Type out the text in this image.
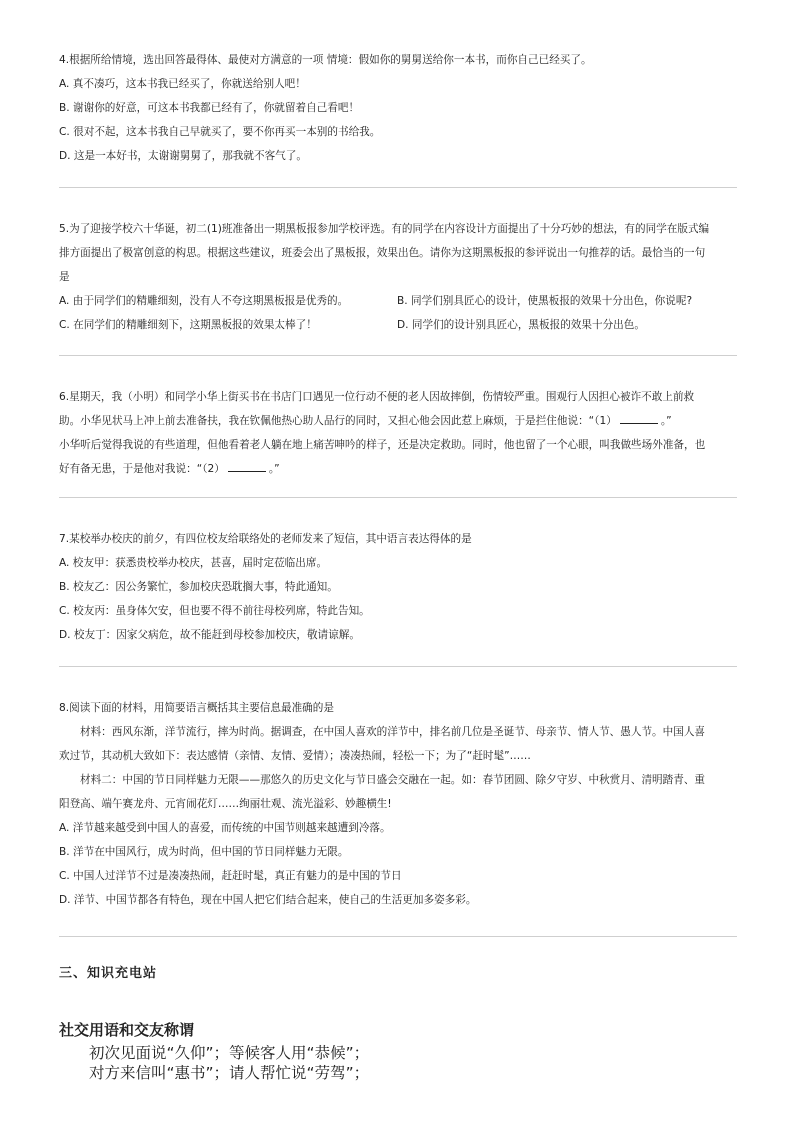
4.根据所给情境，选出回答最得体、最使对方满意的一项 情境：假如你的舅舅送给你一本书，而你自己已经买了。

A. 真不凑巧，这本书我已经买了，你就送给别人吧！

B. 谢谢你的好意，可这本书我都已经有了，你就留着自己看吧！

C. 很对不起，这本书我自己早就买了，要不你再买一本别的书给我。

D. 这是一本好书，太谢谢舅舅了，那我就不客气了。

5.为了迎接学校六十华诞，初二(1)班准备出一期黑板报参加学校评选。有的同学在内容设计方面提出了十分巧妙的想法，有的同学在版式编

排方面提出了极富创意的构思。根据这些建议，班委会出了黑板报，效果出色。请你为这期黑板报的参评说出一句推荐的话。最恰当的一句

是

A. 由于同学们的精雕细刻，没有人不夸这期黑板报是优秀的。	B. 同学们别具匠心的设计，使黑板报的效果十分出色，你说呢?
C. 在同学们的精雕细刻下，这期黑板报的效果太棒了！	D. 同学们的设计别具匠心，黑板报的效果十分出色。

6.星期天，我（小明）和同学小华上街买书在书店门口遇见一位行动不便的老人因故摔倒，伤情较严重。围观行人因担心被诈不敢上前救

助。小华见状马上冲上前去准备扶，我在钦佩他热心助人品行的同时，又担心他会因此惹上麻烦，于是拦住他说：“（1）	。”

小华听后觉得我说的有些道理，但他看着老人躺在地上痛苦呻吟的样子，还是决定救助。同时，他也留了一个心眼，叫我做些场外准备，也

好有备无患，于是他对我说：“（2）	。”

7.某校举办校庆的前夕，有四位校友给联络处的老师发来了短信，其中语言表达得体的是

A. 校友甲：获悉贵校举办校庆，甚喜，届时定莅临出席。

B. 校友乙：因公务繁忙，参加校庆恐耽搁大事，特此通知。

C. 校友丙：虽身体欠安，但也要不得不前往母校列席，特此告知。

D. 校友丁：因家父病危，故不能赶到母校参加校庆，敬请谅解。

8.阅读下面的材料，用简要语言概括其主要信息最准确的是

材料：西风东渐，洋节流行，摔为时尚。据调查，在中国人喜欢的洋节中，排名前几位是圣诞节、母亲节、情人节、愚人节。中国人喜

欢过节，其动机大致如下：表达感情（亲情、友情、爱情）；凑凑热闹，轻松一下；为了“赶时髦”……

材料二：中国的节日同样魅力无限——那悠久的历史文化与节日盛会交融在一起。如：春节团圆、除夕守岁、中秋赏月、清明踏青、重

阳登高、端午赛龙舟、元宵闹花灯……绚丽壮观、流光溢彩、妙趣横生!

A. 洋节越来越受到中国人的喜爱，而传统的中国节则越来越遭到冷落。

B. 洋节在中国风行，成为时尚，但中国的节日同样魅力无限。

C. 中国人过洋节不过是凑凑热闹，赶赶时髦，真正有魅力的是中国的节日

D. 洋节、中国节都各有特色，现在中国人把它们结合起来，使自己的生活更加多姿多彩。

三、知识充电站
社交用语和交友称谓
初次见面说“久仰”；等候客人用“恭候”；
对方来信叫“惠书”；请人帮忙说“劳驾”；
